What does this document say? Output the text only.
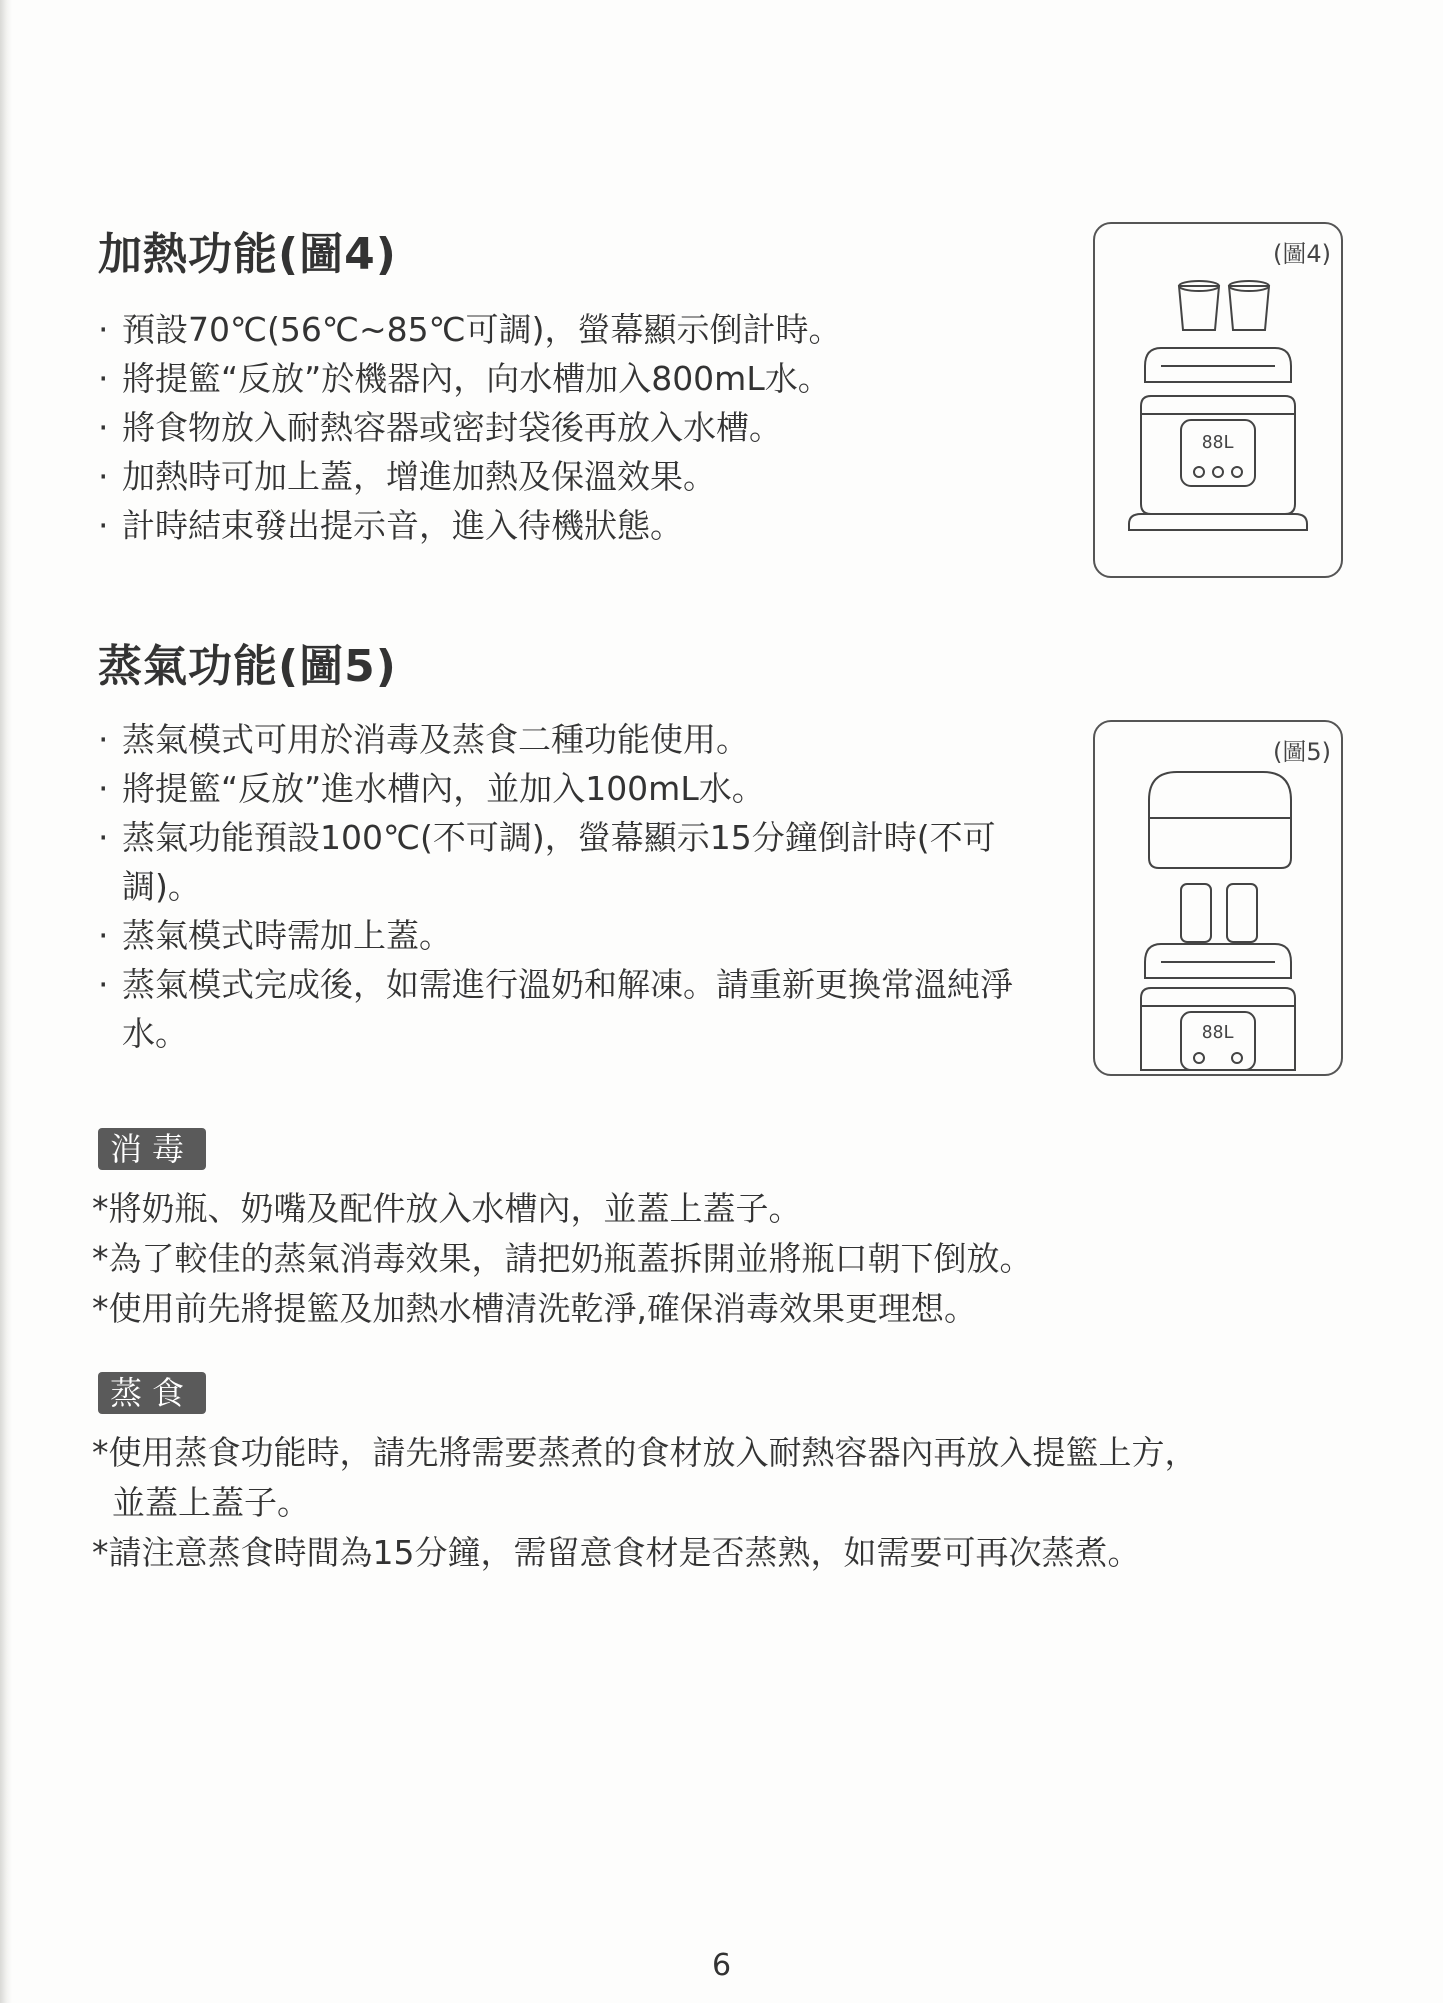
加熱功能(圖4)
· 預設70℃(56℃~85℃可調)，螢幕顯示倒計時。
· 將提籃“反放”於機器內，向水槽加入800mL水。
· 將食物放入耐熱容器或密封袋後再放入水槽。
· 加熱時可加上蓋，增進加熱及保溫效果。
· 計時結束發出提示音，進入待機狀態。
(圖4)
88L
蒸氣功能(圖5)
· 蒸氣模式可用於消毒及蒸食二種功能使用。
· 將提籃“反放”進水槽內，並加入100mL水。
· 蒸氣功能預設100℃(不可調)，螢幕顯示15分鐘倒計時(不可調)。
· 蒸氣模式時需加上蓋。
· 蒸氣模式完成後，如需進行溫奶和解凍。請重新更換常溫純淨水。
(圖5)
88L
消毒

*將奶瓶、奶嘴及配件放入水槽內，並蓋上蓋子。

*為了較佳的蒸氣消毒效果，請把奶瓶蓋拆開並將瓶口朝下倒放。

*使用前先將提籃及加熱水槽清洗乾淨,確保消毒效果更理想。

蒸食

*使用蒸食功能時，請先將需要蒸煮的食材放入耐熱容器內再放入提籃上方，

並蓋上蓋子。

*請注意蒸食時間為15分鐘，需留意食材是否蒸熟，如需要可再次蒸煮。

6
